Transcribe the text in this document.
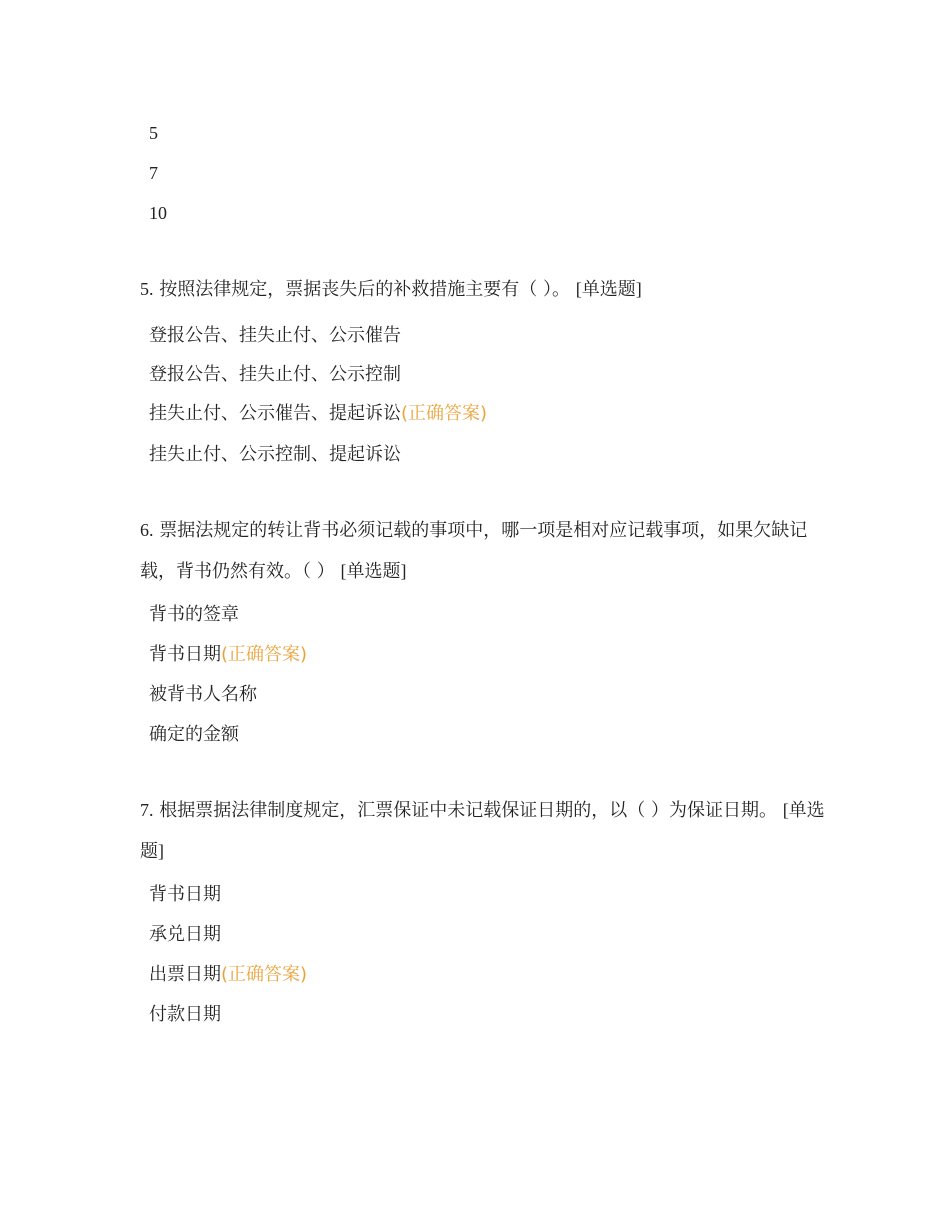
5
7
10
5. 按照法律规定，票据丧失后的补救措施主要有（ ）。 [单选题]
登报公告、挂失止付、公示催告
登报公告、挂失止付、公示控制
挂失止付、公示催告、提起诉讼(正确答案)
挂失止付、公示控制、提起诉讼
6. 票据法规定的转让背书必须记载的事项中，哪一项是相对应记载事项，如果欠缺记载，背书仍然有效。（ ） [单选题]
背书的签章
背书日期(正确答案)
被背书人名称
确定的金额
7. 根据票据法律制度规定，汇票保证中未记载保证日期的，以（ ）为保证日期。 [单选题]
背书日期
承兑日期
出票日期(正确答案)
付款日期
